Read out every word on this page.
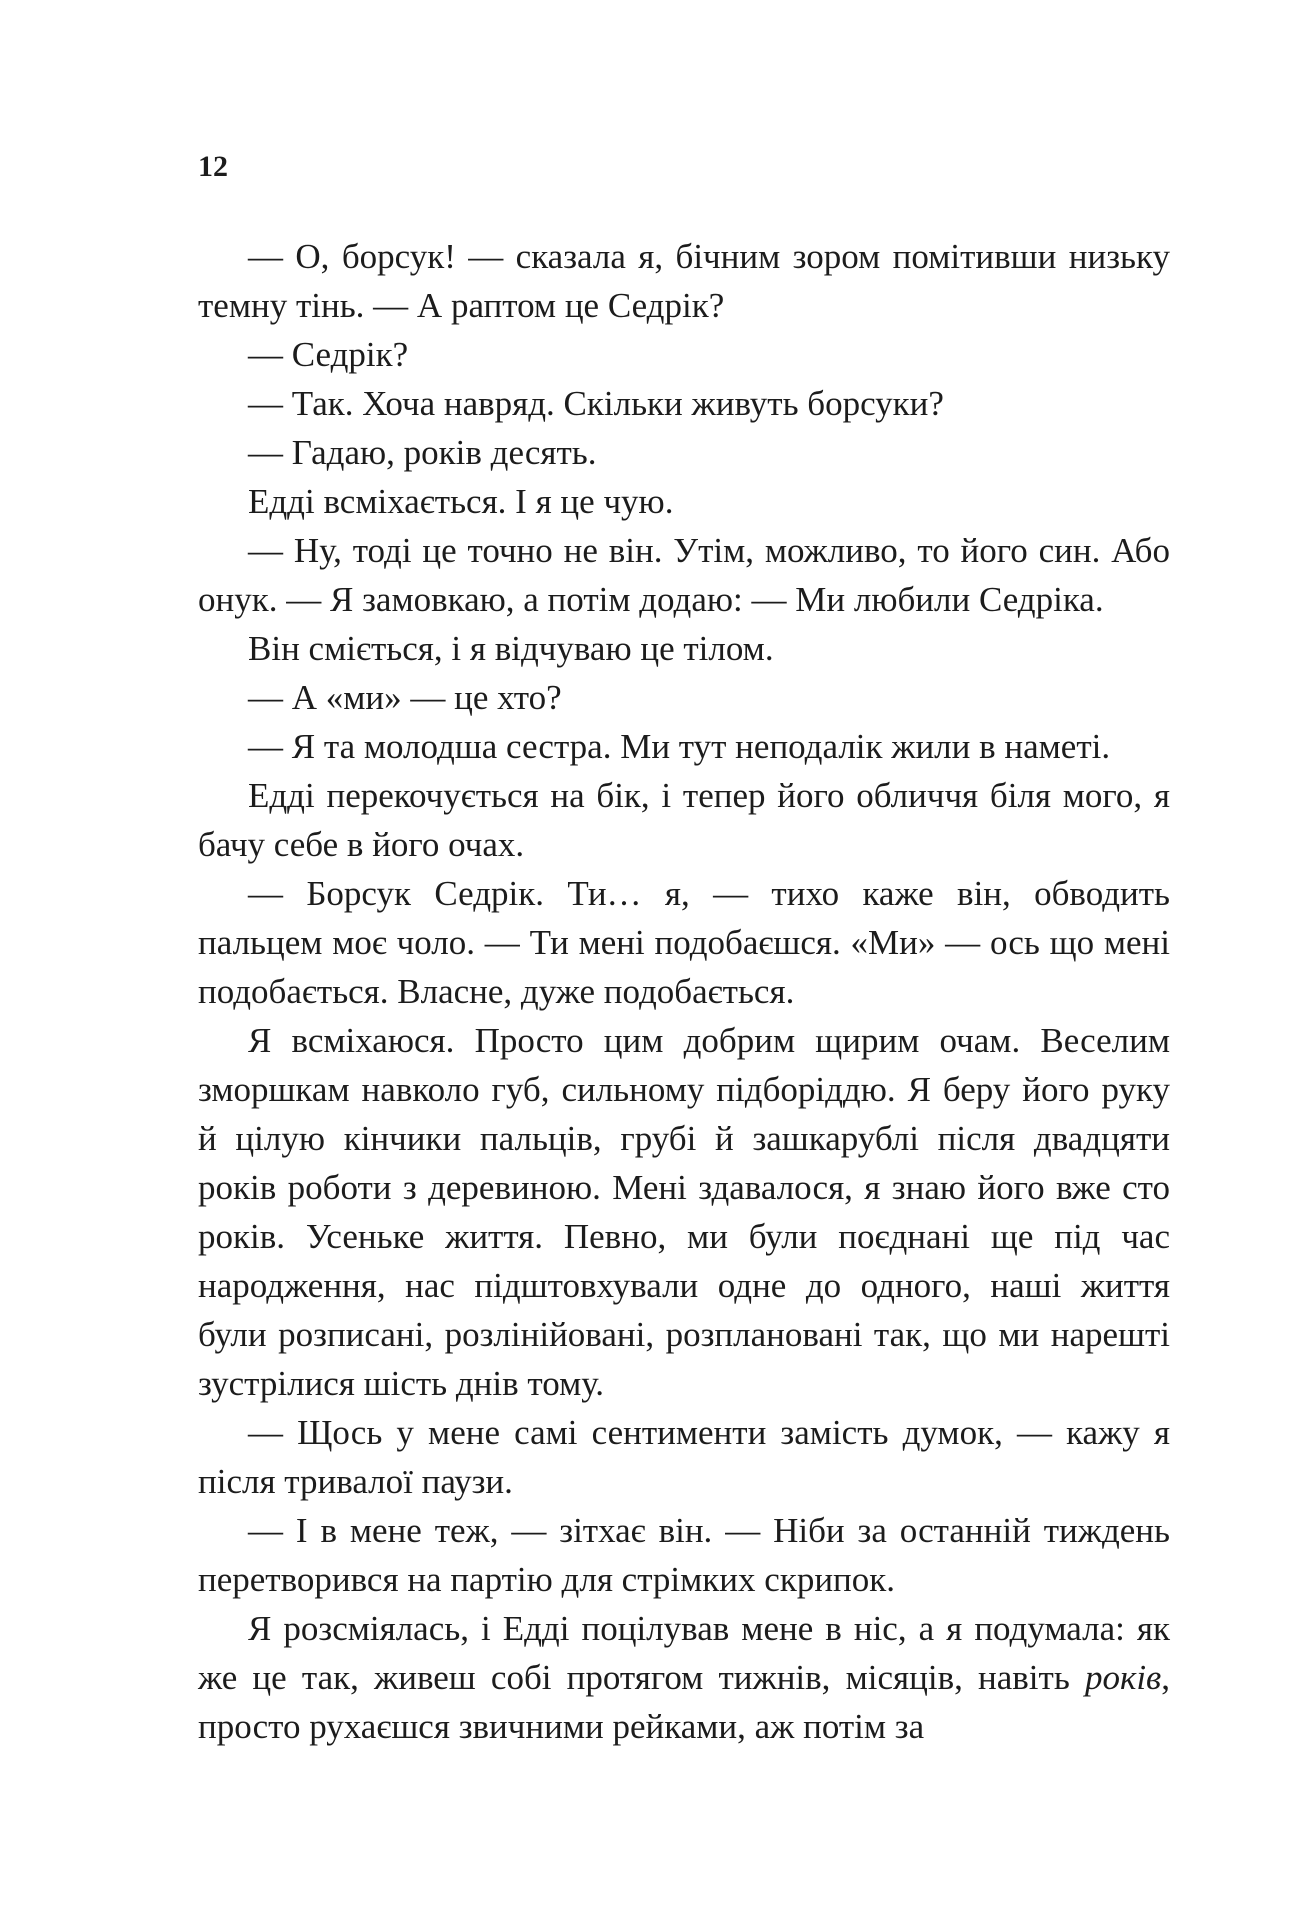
12

— О, борсук! — сказала я, бічним зором помітивши низьку темну тінь. — А раптом це Седрік?

— Седрік?

— Так. Хоча навряд. Скільки живуть борсуки?

— Гадаю, років десять.

Едді всміхається. І я це чую.

— Ну, тоді це точно не він. Утім, можливо, то його син. Або онук. — Я замовкаю, а потім додаю: — Ми любили Седріка.

Він сміється, і я відчуваю це тілом.

— А «ми» — це хто?

— Я та молодша сестра. Ми тут неподалік жили в наметі.

Едді перекочується на бік, і тепер його обличчя біля мого, я бачу себе в його очах.

— Борсук Седрік. Ти… я, — тихо каже він, обводить пальцем моє чоло. — Ти мені подобаєшся. «Ми» — ось що мені подобається. Власне, дуже подобається.

Я всміхаюся. Просто цим добрим щирим очам. Веселим зморшкам навколо губ, сильному підборіддю. Я беру його руку й цілую кінчики пальців, грубі й зашкарублі після двадцяти років роботи з деревиною. Мені здавалося, я знаю його вже сто років. Усеньке життя. Певно, ми були поєднані ще під час народження, нас підштовхували одне до одного, наші життя були розписані, розлінійовані, розплановані так, що ми нарешті зустрілися шість днів тому.

— Щось у мене самі сентименти замість думок, — кажу я після тривалої паузи.

— І в мене теж, — зітхає він. — Ніби за останній тиждень перетворився на партію для стрімких скрипок.

Я розсміялась, і Едді поцілував мене в ніс, а я подумала: як же це так, живеш собі протягом тижнів, місяців, навіть років, просто рухаєшся звичними рейками, аж потім за
